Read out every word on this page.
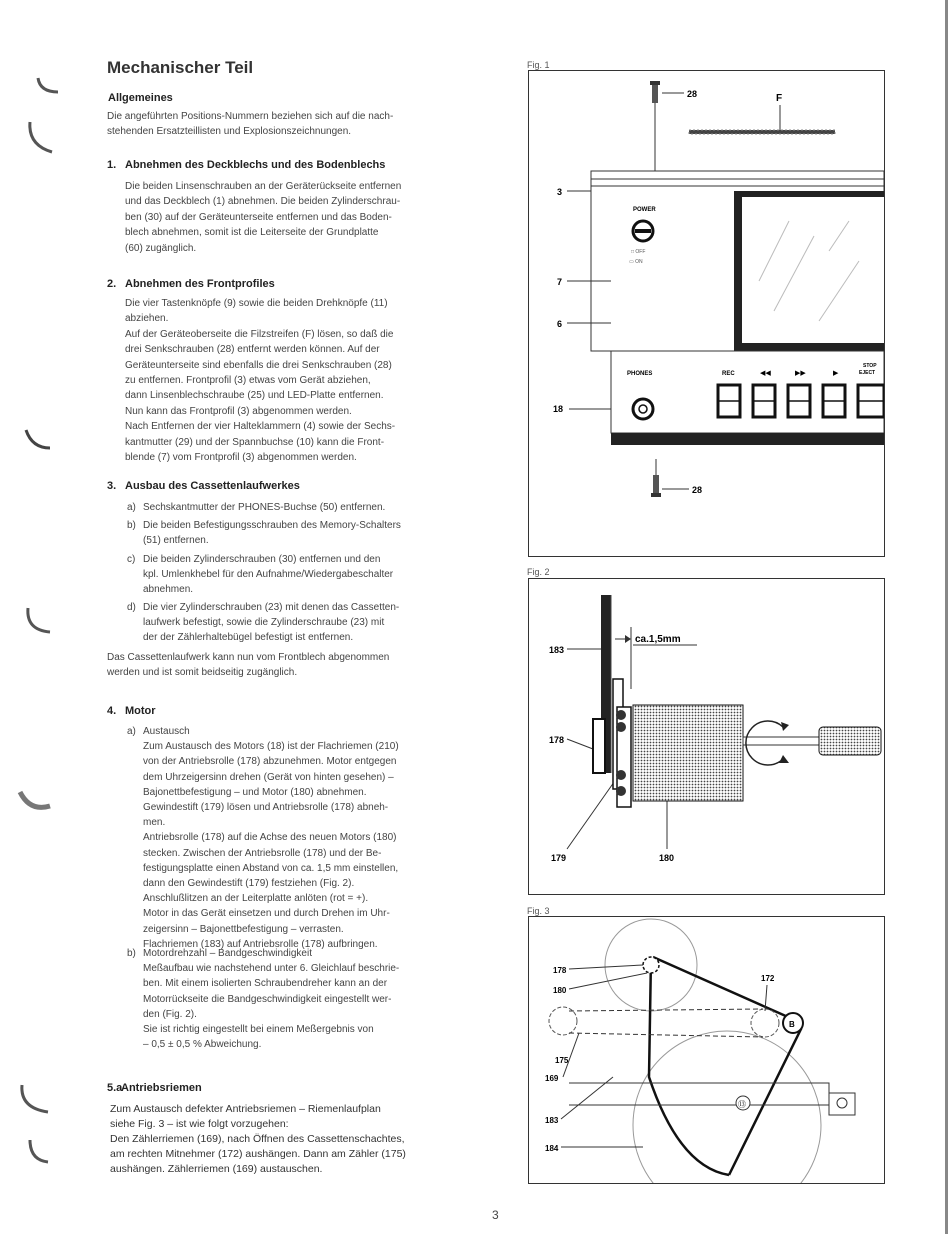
Mechanischer Teil
Allgemeines
Die angeführten Positions-Nummern beziehen sich auf die nach-
stehenden Ersatzteillisten und Explosionszeichnungen.
1. Abnehmen des Deckblechs und des Bodenblechs
Die beiden Linsenschrauben an der Geräterückseite entfernen
und das Deckblech (1) abnehmen. Die beiden Zylinderschrau-
ben (30) auf der Geräteunterseite entfernen und das Boden-
blech abnehmen, somit ist die Leiterseite der Grundplatte
(60) zugänglich.
2. Abnehmen des Frontprofiles
Die vier Tastenknöpfe (9) sowie die beiden Drehknöpfe (11)
abziehen.
Auf der Geräteoberseite die Filzstreifen (F) lösen, so daß die
drei Senkschrauben (28) entfernt werden können. Auf der
Geräteunterseite sind ebenfalls die drei Senkschrauben (28)
zu entfernen. Frontprofil (3) etwas vom Gerät abziehen,
dann Linsenblechschraube (25) und LED-Platte entfernen.
Nun kann das Frontprofil (3) abgenommen werden.
Nach Entfernen der vier Halteklammern (4) sowie der Sechs-
kantmutter (29) und der Spannbuchse (10) kann die Front-
blende (7) vom Frontprofil (3) abgenommen werden.
3. Ausbau des Cassettenlaufwerkes
a) Sechskantmutter der PHONES-Buchse (50) entfernen.
b) Die beiden Befestigungsschrauben des Memory-Schalters
(51) entfernen.
c) Die beiden Zylinderschrauben (30) entfernen und den
kpl. Umlenkhebel für den Aufnahme/Wiedergabeschalter
abnehmen.
d) Die vier Zylinderschrauben (23) mit denen das Cassetten-
laufwerk befestigt, sowie die Zylinderschraube (23) mit
der der Zählerhaltebügel befestigt ist entfernen.
Das Cassettenlaufwerk kann nun vom Frontblech abgenommen
werden und ist somit beidseitig zugänglich.
4. Motor
a) Austausch
Zum Austausch des Motors (18) ist der Flachriemen (210)
von der Antriebsrolle (178) abzunehmen. Motor entgegen
dem Uhrzeigersinn drehen (Gerät von hinten gesehen) –
Bajonettbefestigung – und Motor (180) abnehmen.
Gewindestift (179) lösen und Antriebsrolle (178) abneh-
men.
Antriebsrolle (178) auf die Achse des neuen Motors (180)
stecken. Zwischen der Antriebsrolle (178) und der Be-
festigungsplatte einen Abstand von ca. 1,5 mm einstellen,
dann den Gewindestift (179) festziehen (Fig. 2).
Anschlußlitzen an der Leiterplatte anlöten (rot = +).
Motor in das Gerät einsetzen und durch Drehen im Uhr-
zeigersinn – Bajonettbefestigung – verrasten.
Flachriemen (183) auf Antriebsrolle (178) aufbringen.
b) Motordrehzahl – Bandgeschwindigkeit
Meßaufbau wie nachstehend unter 6. Gleichlauf beschrie-
ben. Mit einem isolierten Schraubendreher kann an der
Motorrückseite die Bandgeschwindigkeit eingestellt wer-
den (Fig. 2).
Sie ist richtig eingestellt bei einem Meßergebnis von
– 0,5 ± 0,5 % Abweichung.
5.aAntriebsriemen
Zum Austausch defekter Antriebsriemen – Riemenlaufplan
siehe Fig. 3 – ist wie folgt vorzugehen:
Den Zählerriemen (169), nach Öffnen des Cassettenschachtes,
am rechten Mitnehmer (172) aushängen. Dann am Zähler (175)
aushängen. Zählerriemen (169) austauschen.
Fig. 1
28	F
3
7
6
18
POWER
□ OFF
▭ ON
PHONES	REC	◀◀	▶▶	▶
STOP
EJECT
28
Fig. 2
ca.1,5mm
183
178
179	180
Fig. 3
B
⑬
178
180
172
175
169
183
184
3
